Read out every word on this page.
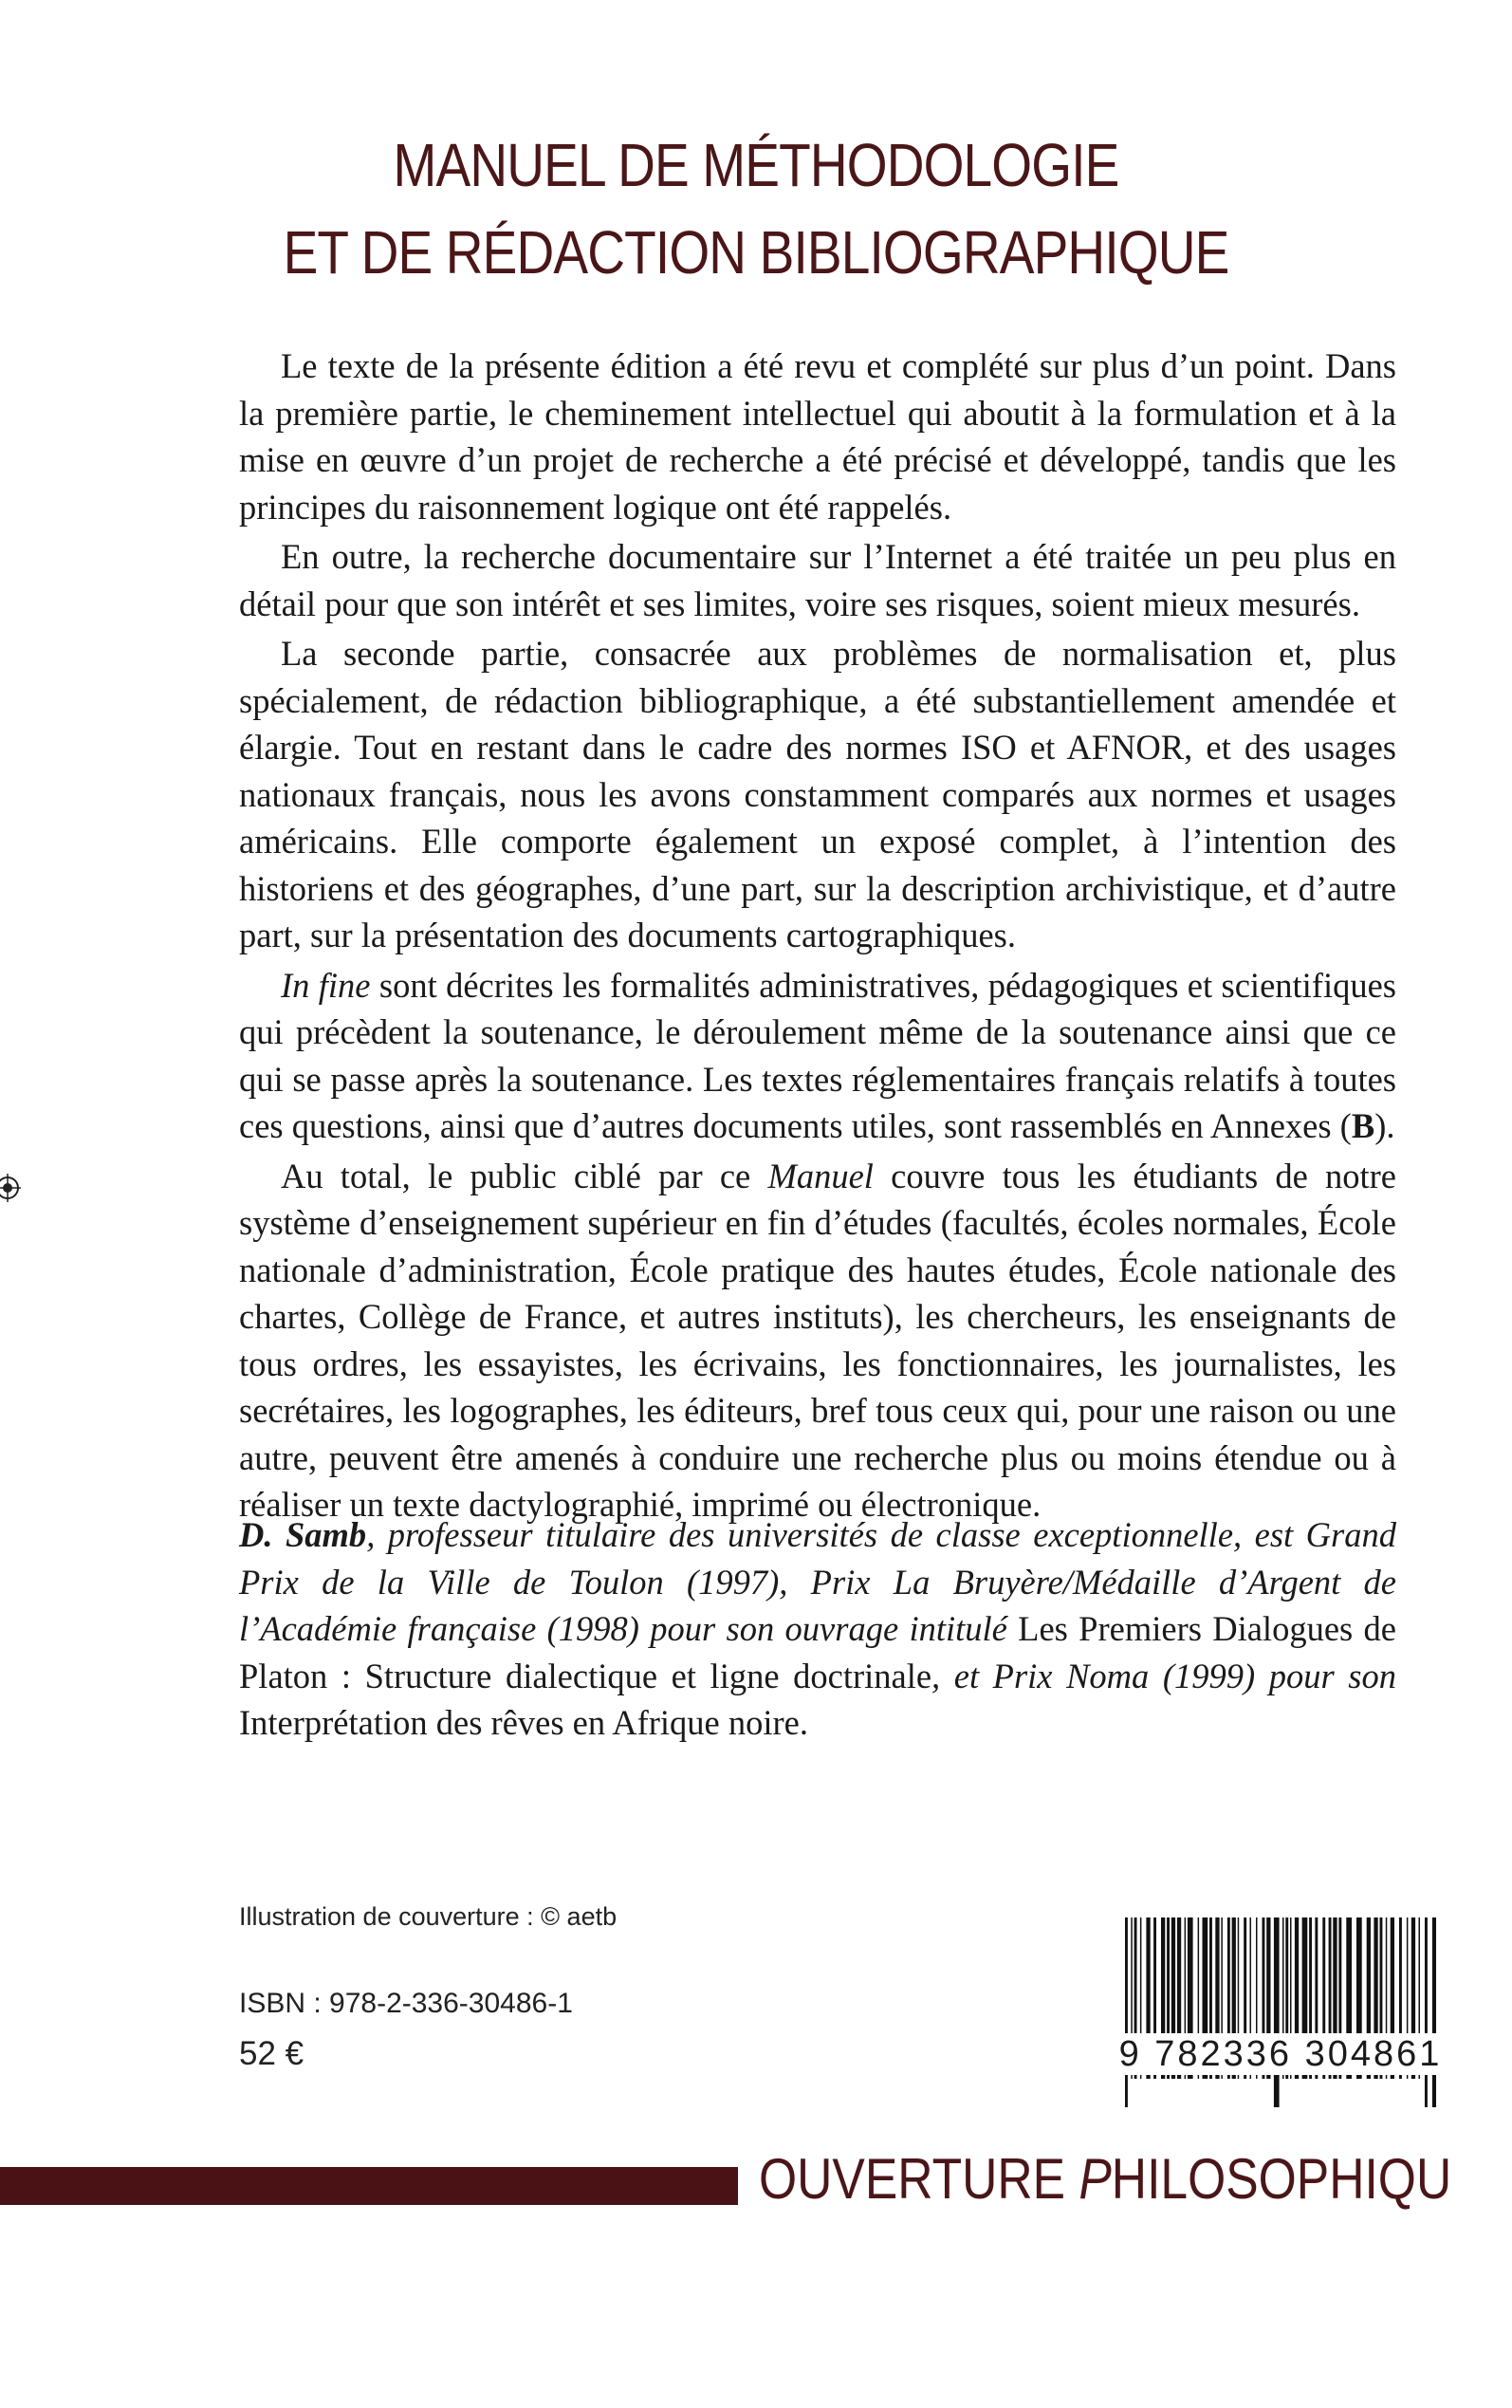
MANUEL DE MÉTHODOLOGIE
ET DE RÉDACTION BIBLIOGRAPHIQUE

Le texte de la présente édition a été revu et complété sur plus d’un point. Dans la première partie, le cheminement intellectuel qui aboutit à la formulation et à la mise en œuvre d’un projet de recherche a été précisé et développé, tandis que les principes du raisonnement logique ont été rappelés.

En outre, la recherche documentaire sur l’Internet a été traitée un peu plus en détail pour que son intérêt et ses limites, voire ses risques, soient mieux mesurés.

La seconde partie, consacrée aux problèmes de normalisation et, plus spécialement, de rédaction bibliographique, a été substantiellement amendée et élargie. Tout en restant dans le cadre des normes ISO et AFNOR, et des usages nationaux français, nous les avons constamment comparés aux normes et usages américains. Elle comporte également un exposé complet, à l’intention des historiens et des géographes, d’une part, sur la description archivistique, et d’autre part, sur la présentation des documents cartographiques.

In fine sont décrites les formalités administratives, pédagogiques et scientifiques qui précèdent la soutenance, le déroulement même de la soutenance ainsi que ce qui se passe après la soutenance. Les textes réglementaires français relatifs à toutes ces questions, ainsi que d’autres documents utiles, sont rassemblés en Annexes (B).

Au total, le public ciblé par ce Manuel couvre tous les étudiants de notre système d’enseignement supérieur en fin d’études (facultés, écoles normales, École nationale d’administration, École pratique des hautes études, École nationale des chartes, Collège de France, et autres instituts), les chercheurs, les enseignants de tous ordres, les essayistes, les écrivains, les fonctionnaires, les journalistes, les secrétaires, les logographes, les éditeurs, bref tous ceux qui, pour une raison ou une autre, peuvent être amenés à conduire une recherche plus ou moins étendue ou à réaliser un texte dactylographié, imprimé ou électronique.

D. Samb, professeur titulaire des universités de classe exceptionnelle, est Grand Prix de la Ville de Toulon (1997), Prix La Bruyère/Médaille d’Argent de l’Académie française (1998) pour son ouvrage intitulé Les Premiers Dialogues de Platon : Structure dialectique et ligne doctrinale, et Prix Noma (1999) pour son Interprétation des rêves en Afrique noire.

Illustration de couverture : © aetb
ISBN : 978-2-336-30486-1
52 €	9 782336 304861
OUVERTURE PHILOSOPHIQU
